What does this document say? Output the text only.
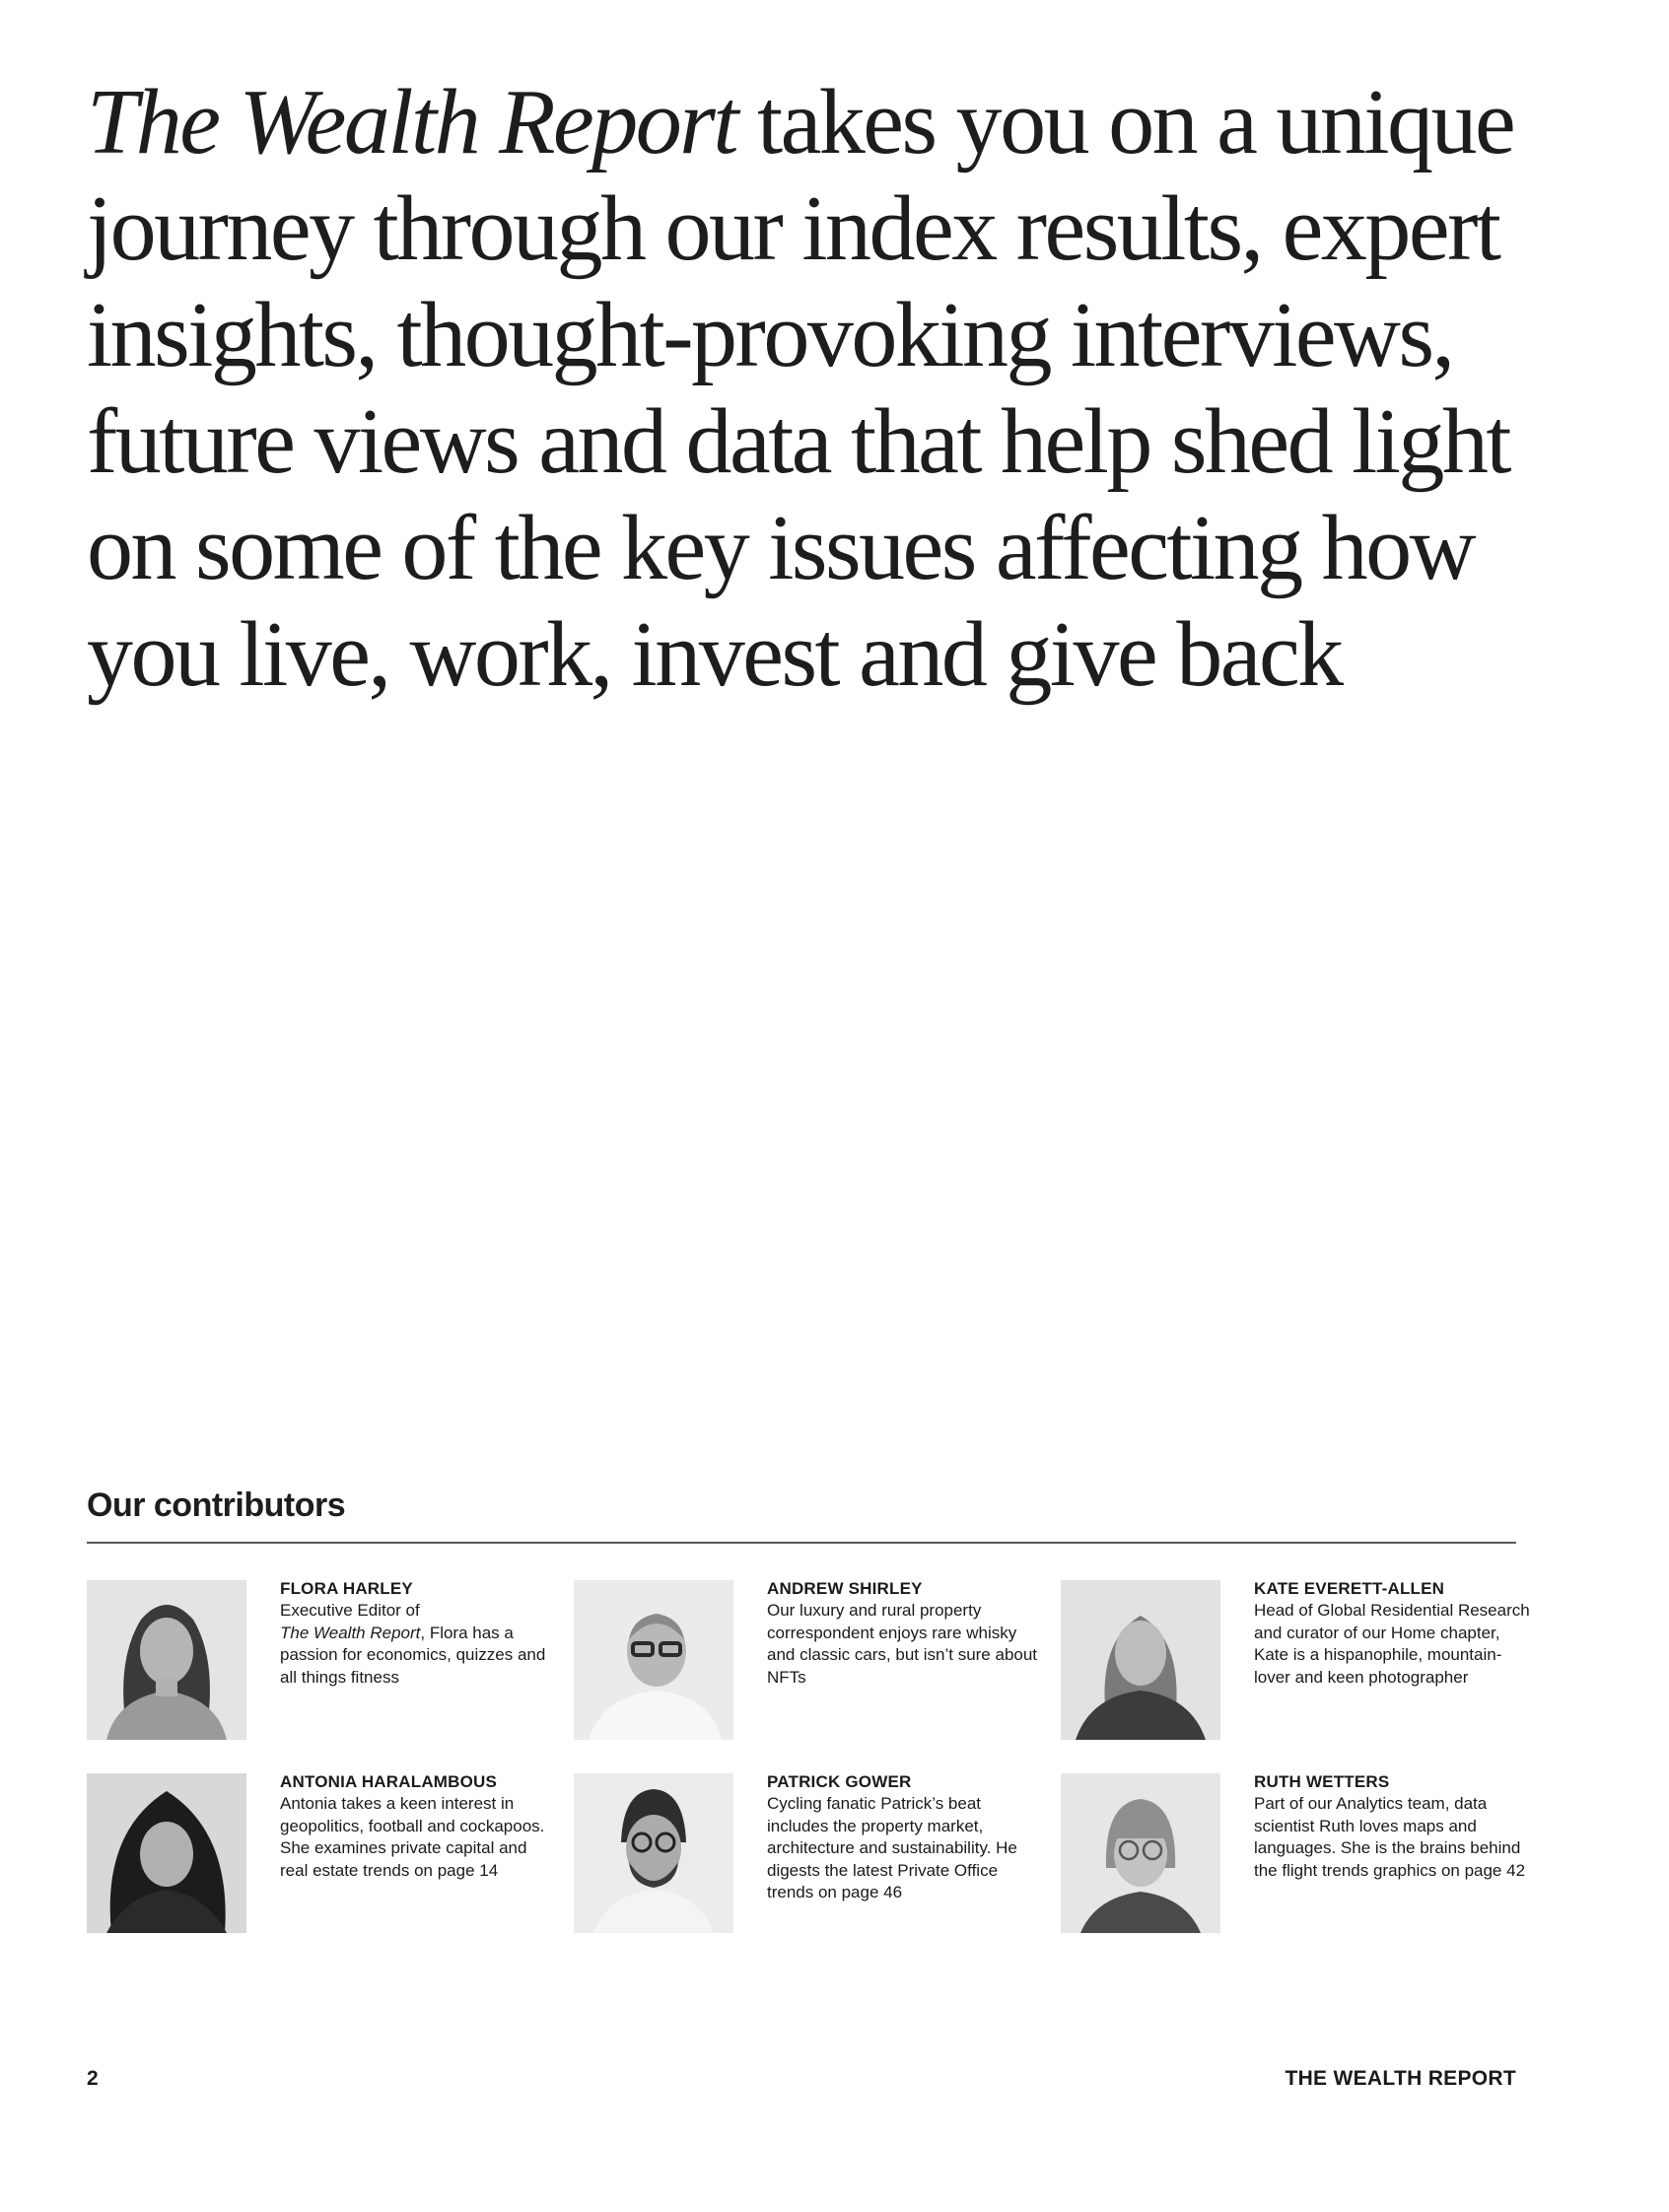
The Wealth Report takes you on a unique journey through our index results, expert insights, thought-provoking interviews, future views and data that help shed light on some of the key issues affecting how you live, work, invest and give back
Our contributors

FLORA HARLEY

Executive Editor of
The Wealth Report, Flora has a passion for economics, quizzes and all things fitness

ANDREW SHIRLEY

Our luxury and rural property correspondent enjoys rare whisky and classic cars, but isn’t sure about NFTs

KATE EVERETT-ALLEN

Head of Global Residential Research and curator of our Home chapter, Kate is a hispanophile, mountain-lover and keen photographer

ANTONIA HARALAMBOUS

Antonia takes a keen interest in geopolitics, football and cockapoos. She examines private capital and real estate trends on page 14

PATRICK GOWER

Cycling fanatic Patrick’s beat includes the property market, architecture and sustainability. He digests the latest Private Office trends on page 46

RUTH WETTERS

Part of our Analytics team, data scientist Ruth loves maps and languages. She is the brains behind the flight trends graphics on page 42

2	THE WEALTH REPORT
